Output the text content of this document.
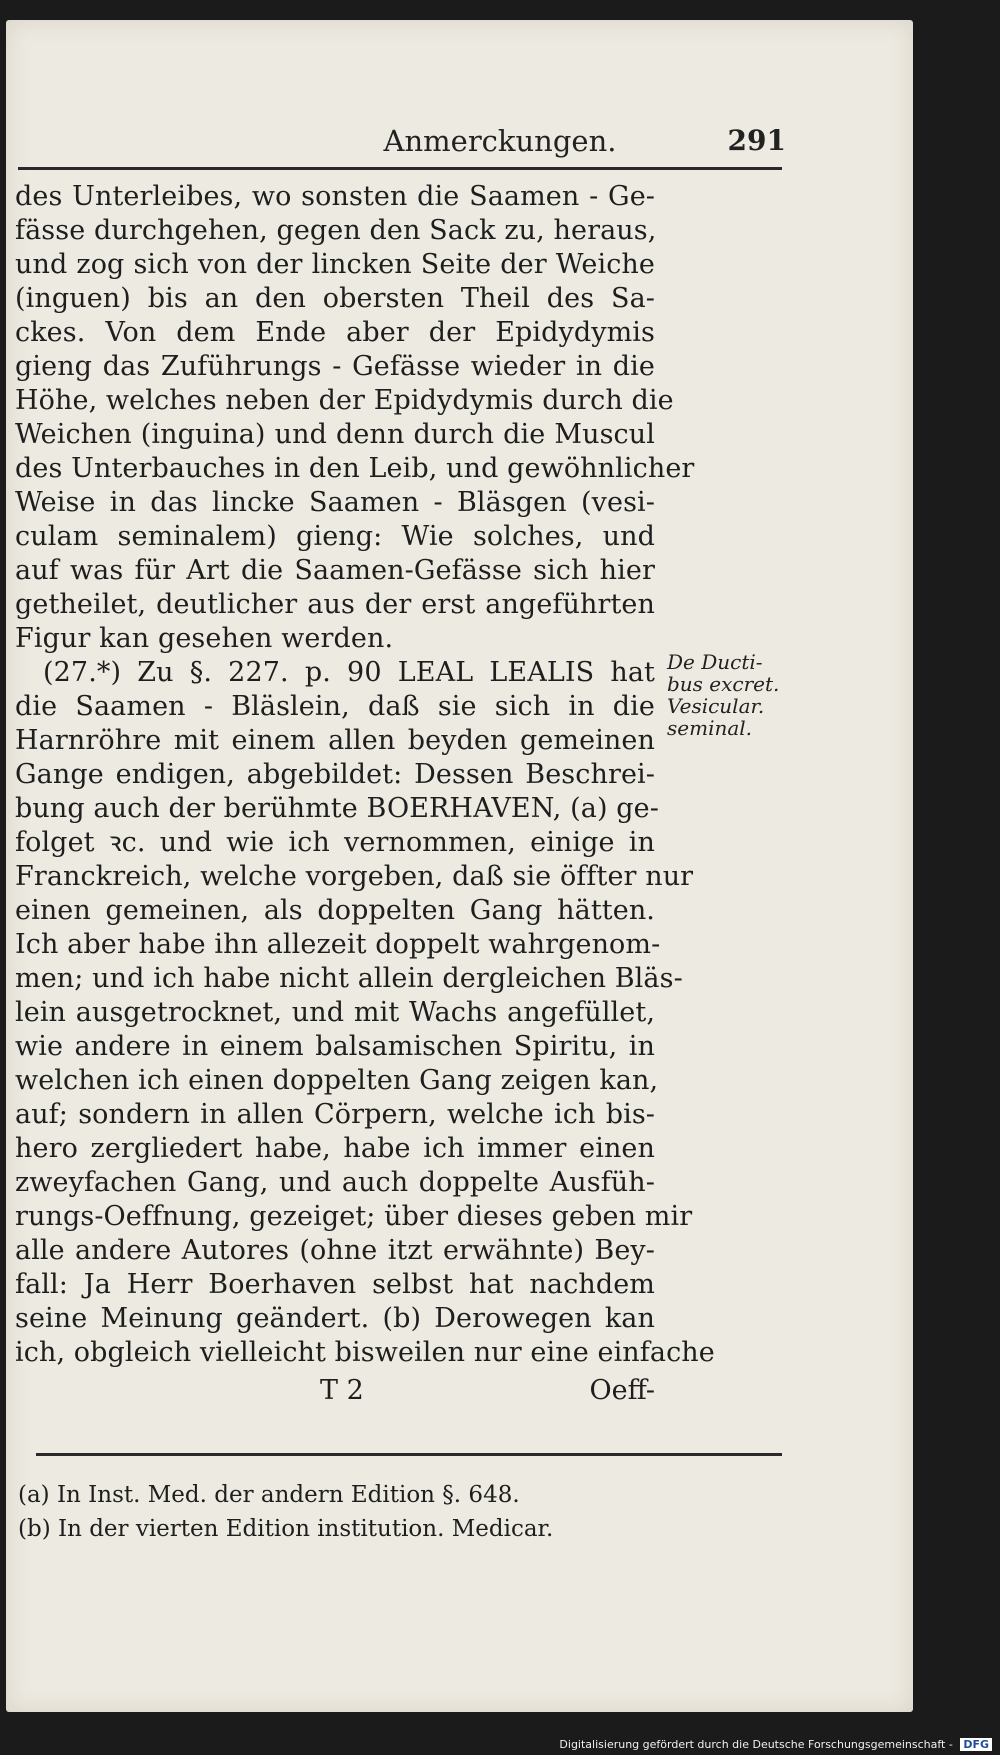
Anmerckungen.	291
des Unterleibes, wo sonsten die Saamen - Ge-
fässe durchgehen, gegen den Sack zu, heraus,
und zog sich von der lincken Seite der Weiche
(inguen) bis an den obersten Theil des Sa-
ckes. Von dem Ende aber der Epidydymis
gieng das Zuführungs - Gefässe wieder in die
Höhe, welches neben der Epidydymis durch die
Weichen (inguina) und denn durch die Muscul
des Unterbauches in den Leib, und gewöhnlicher
Weise in das lincke Saamen - Bläsgen (vesi-
culam seminalem) gieng: Wie solches, und
auf was für Art die Saamen-Gefässe sich hier
getheilet, deutlicher aus der erst angeführten
Figur kan gesehen werden.
(27.*) Zu §. 227. p. 90 LEAL LEALIS hat
die Saamen - Bläslein, daß sie sich in die
Harnröhre mit einem allen beyden gemeinen
Gange endigen, abgebildet: Dessen Beschrei-
bung auch der berühmte BOERHAVEN, (a) ge-
folget ꝛc. und wie ich vernommen, einige in
Franckreich, welche vorgeben, daß sie öffter nur
einen gemeinen, als doppelten Gang hätten.
Ich aber habe ihn allezeit doppelt wahrgenom-
men; und ich habe nicht allein dergleichen Bläs-
lein ausgetrocknet, und mit Wachs angefüllet,
wie andere in einem balsamischen Spiritu, in
welchen ich einen doppelten Gang zeigen kan,
auf; sondern in allen Cörpern, welche ich bis-
hero zergliedert habe, habe ich immer einen
zweyfachen Gang, und auch doppelte Ausfüh-
rungs-Oeffnung, gezeiget; über dieses geben mir
alle andere Autores (ohne itzt erwähnte) Bey-
fall: Ja Herr Boerhaven selbst hat nachdem
seine Meinung geändert. (b) Derowegen kan
ich, obgleich vielleicht bisweilen nur eine einfache
De Ducti-
bus excret.
Vesicular.
seminal.
T 2	Oeff-
(a) In Inst. Med. der andern Edition §. 648.
(b) In der vierten Edition institution. Medicar.
Digitalisierung gefördert durch die Deutsche Forschungsgemeinschaft - DFG
